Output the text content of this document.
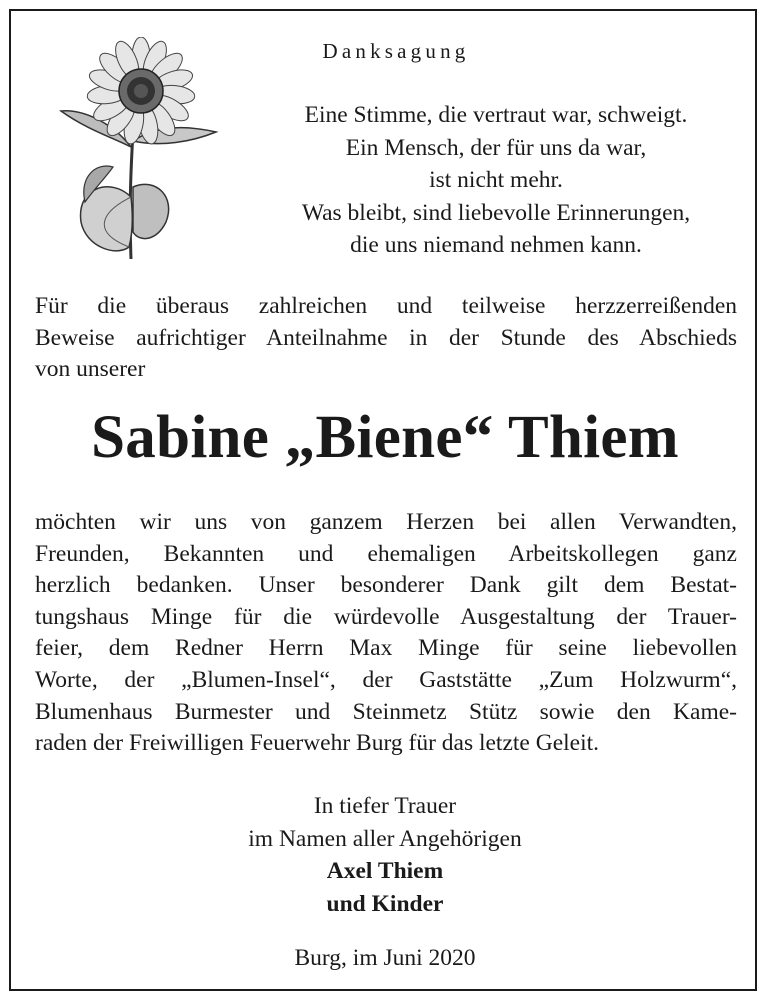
Danksagung
Eine Stimme, die vertraut war, schweigt.
Ein Mensch, der für uns da war,
ist nicht mehr.
Was bleibt, sind liebevolle Erinnerungen,
die uns niemand nehmen kann.
Für die überaus zahlreichen und teilweise herzzerreißenden
Beweise aufrichtiger Anteilnahme in der Stunde des Abschieds
von unserer
Sabine „Biene“ Thiem
möchten wir uns von ganzem Herzen bei allen Verwandten,
Freunden, Bekannten und ehemaligen Arbeitskollegen ganz
herzlich bedanken. Unser besonderer Dank gilt dem Bestat-
tungshaus Minge für die würdevolle Ausgestaltung der Trauer-
feier, dem Redner Herrn Max Minge für seine liebevollen
Worte, der „Blumen-Insel“, der Gaststätte „Zum Holzwurm“,
Blumenhaus Burmester und Steinmetz Stütz sowie den Kame-
raden der Freiwilligen Feuerwehr Burg für das letzte Geleit.
In tiefer Trauer
im Namen aller Angehörigen
Axel Thiem
und Kinder
Burg, im Juni 2020
